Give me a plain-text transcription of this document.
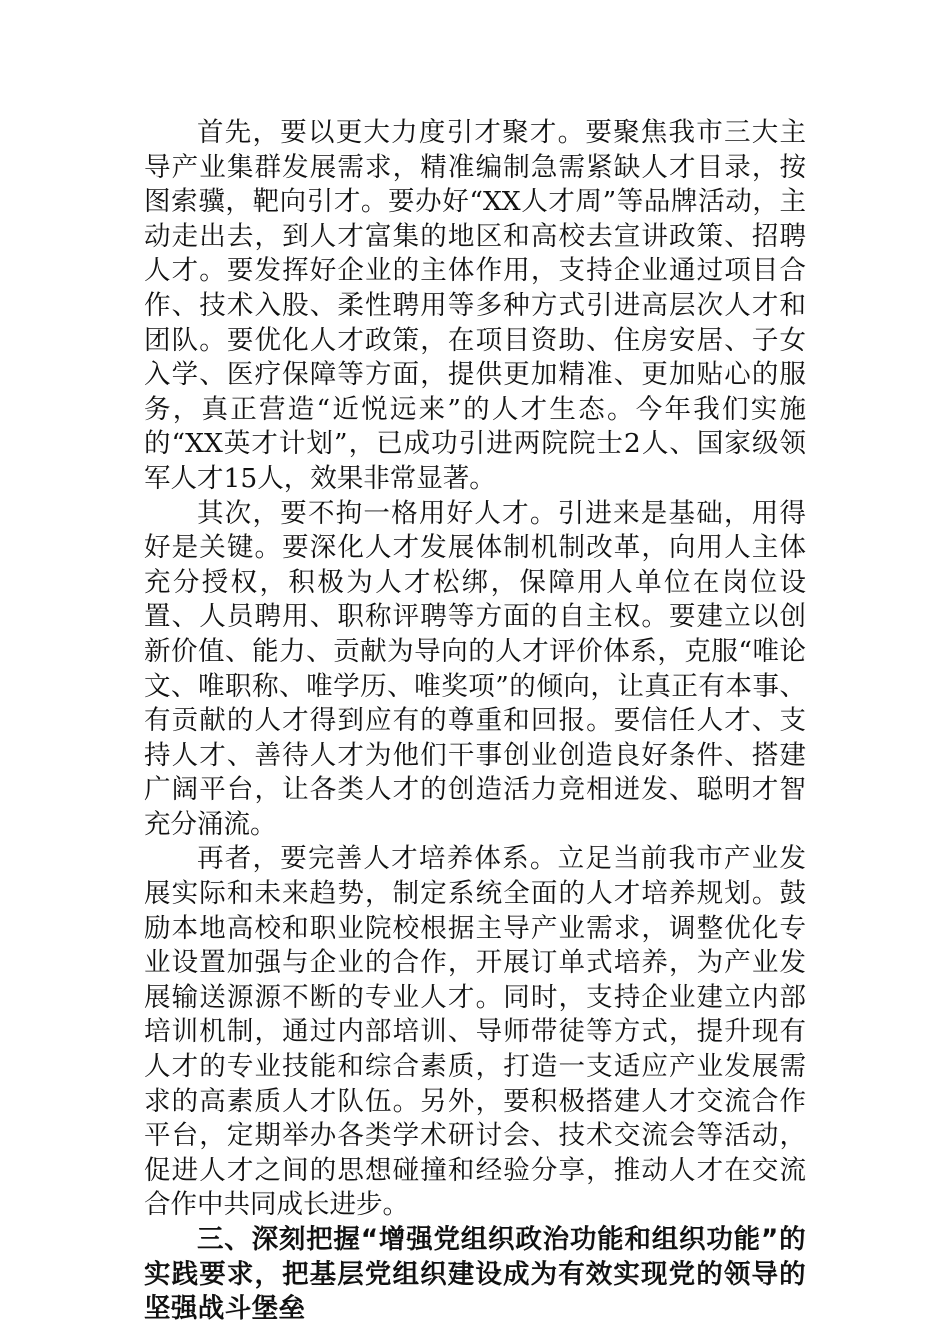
首先，要以更大力度引才聚才。要聚焦我市三大主导产业集群发展需求，精准编制急需紧缺人才目录，按图索骥，靶向引才。要办好“XX人才周”等品牌活动，主动走出去，到人才富集的地区和高校去宣讲政策、招聘人才。要发挥好企业的主体作用，支持企业通过项目合作、技术入股、柔性聘用等多种方式引进高层次人才和团队。要优化人才政策，在项目资助、住房安居、子女入学、医疗保障等方面，提供更加精准、更加贴心的服务，真正营造“近悦远来”的人才生态。今年我们实施的“XX英才计划”，已成功引进两院院士2人、国家级领军人才15人，效果非常显著。

其次，要不拘一格用好人才。引进来是基础，用得好是关键。要深化人才发展体制机制改革，向用人主体充分授权，积极为人才松绑，保障用人单位在岗位设置、人员聘用、职称评聘等方面的自主权。要建立以创新价值、能力、贡献为导向的人才评价体系，克服“唯论文、唯职称、唯学历、唯奖项”的倾向，让真正有本事、有贡献的人才得到应有的尊重和回报。要信任人才、支持人才、善待人才为他们干事创业创造良好条件、搭建广阔平台，让各类人才的创造活力竞相迸发、聪明才智充分涌流。

再者，要完善人才培养体系。立足当前我市产业发展实际和未来趋势，制定系统全面的人才培养规划。鼓励本地高校和职业院校根据主导产业需求，调整优化专业设置加强与企业的合作，开展订单式培养，为产业发展输送源源不断的专业人才。同时，支持企业建立内部培训机制，通过内部培训、导师带徒等方式，提升现有人才的专业技能和综合素质，打造一支适应产业发展需求的高素质人才队伍。另外，要积极搭建人才交流合作平台，定期举办各类学术研讨会、技术交流会等活动，促进人才之间的思想碰撞和经验分享，推动人才在交流合作中共同成长进步。

三、深刻把握“增强党组织政治功能和组织功能”的实践要求，把基层党组织建设成为有效实现党的领导的坚强战斗堡垒
